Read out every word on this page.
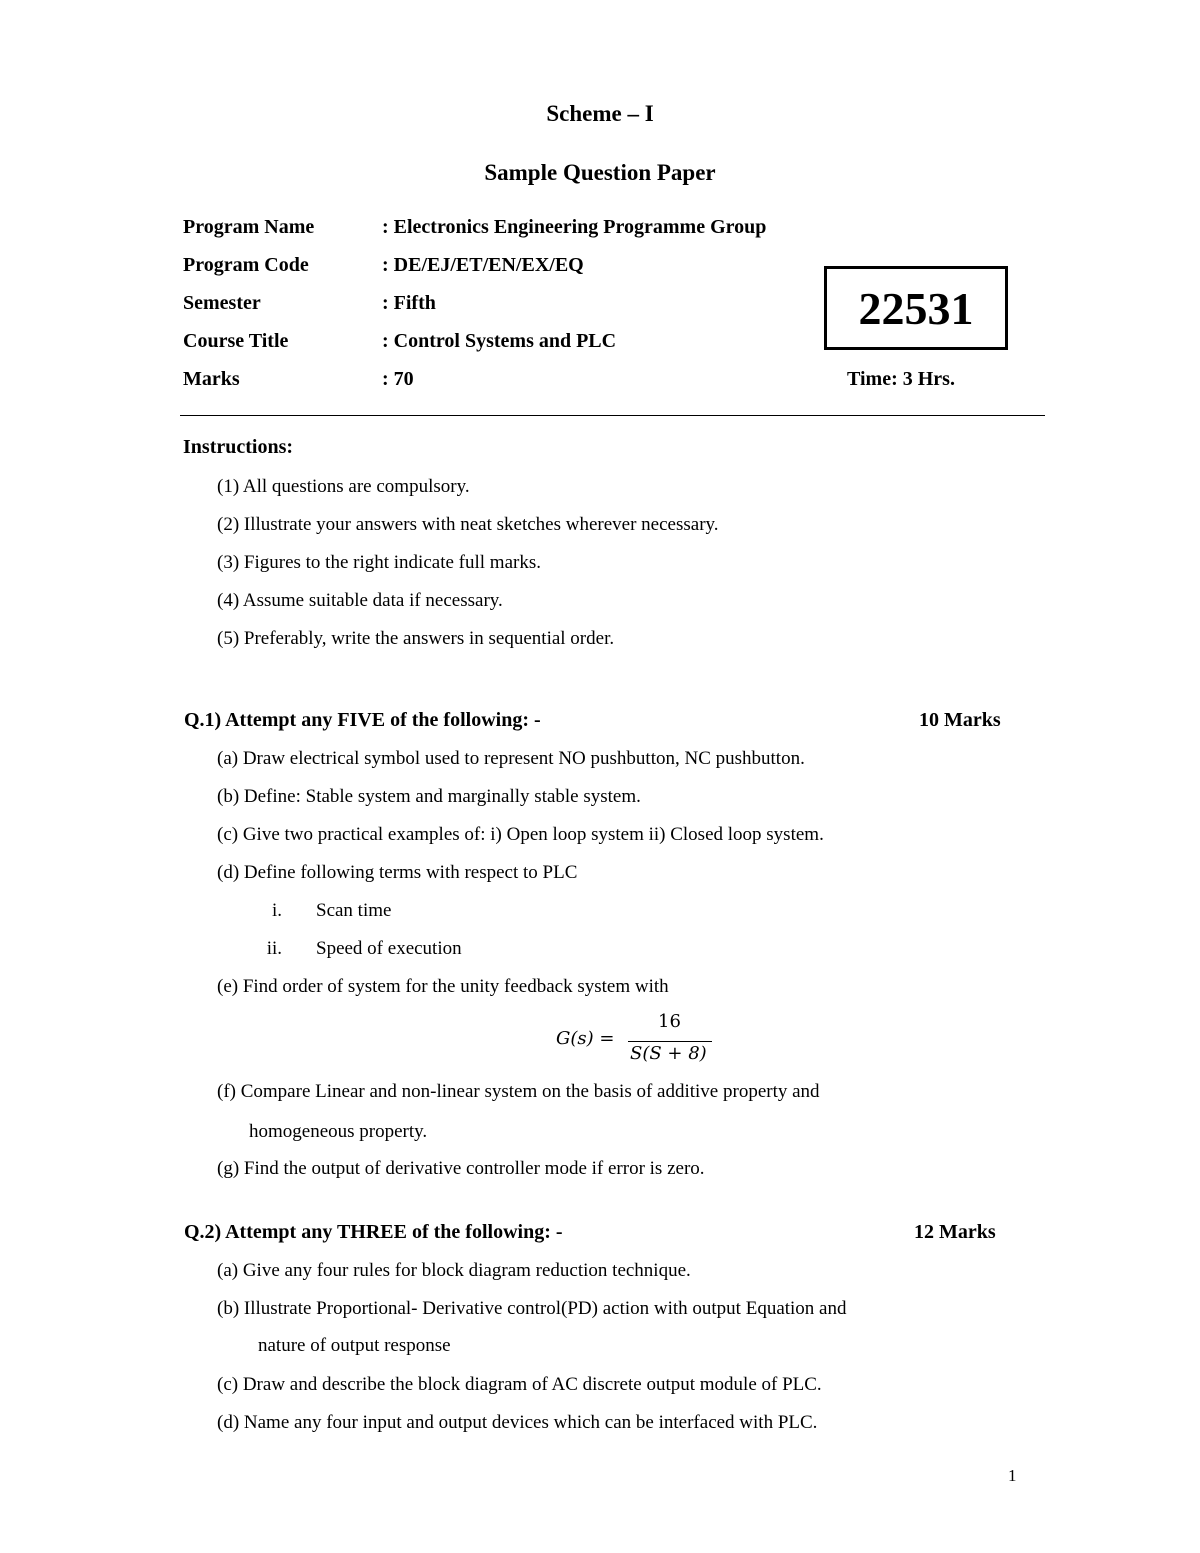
Scheme – I
Sample Question Paper
Program Name	: Electronics Engineering Programme Group
Program Code	: DE/EJ/ET/EN/EX/EQ
Semester	: Fifth
Course Title	: Control Systems and PLC
Marks	: 70
22531
Time: 3 Hrs.
Instructions:
(1) All questions are compulsory.
(2) Illustrate your answers with neat sketches wherever necessary.
(3) Figures to the right indicate full marks.
(4) Assume suitable data if necessary.
(5) Preferably, write the answers in sequential order.
Q.1) Attempt any FIVE of the following: -	10 Marks
(a) Draw electrical symbol used to represent NO pushbutton, NC pushbutton.
(b) Define: Stable system and marginally stable system.
(c) Give two practical examples of: i) Open loop system ii) Closed loop system.
(d) Define following terms with respect to PLC
i. Scan time
ii. Speed of execution
(e) Find order of system for the unity feedback system with
G(s) =
16
S(S + 8)
(f) Compare Linear and non-linear system on the basis of additive property and
homogeneous property.
(g) Find the output of derivative controller mode if error is zero.
Q.2) Attempt any THREE of the following: -	12 Marks
(a) Give any four rules for block diagram reduction technique.
(b) Illustrate Proportional- Derivative control(PD) action with output Equation and
nature of output response
(c) Draw and describe the block diagram of AC discrete output module of PLC.
(d) Name any four input and output devices which can be interfaced with PLC.
1
